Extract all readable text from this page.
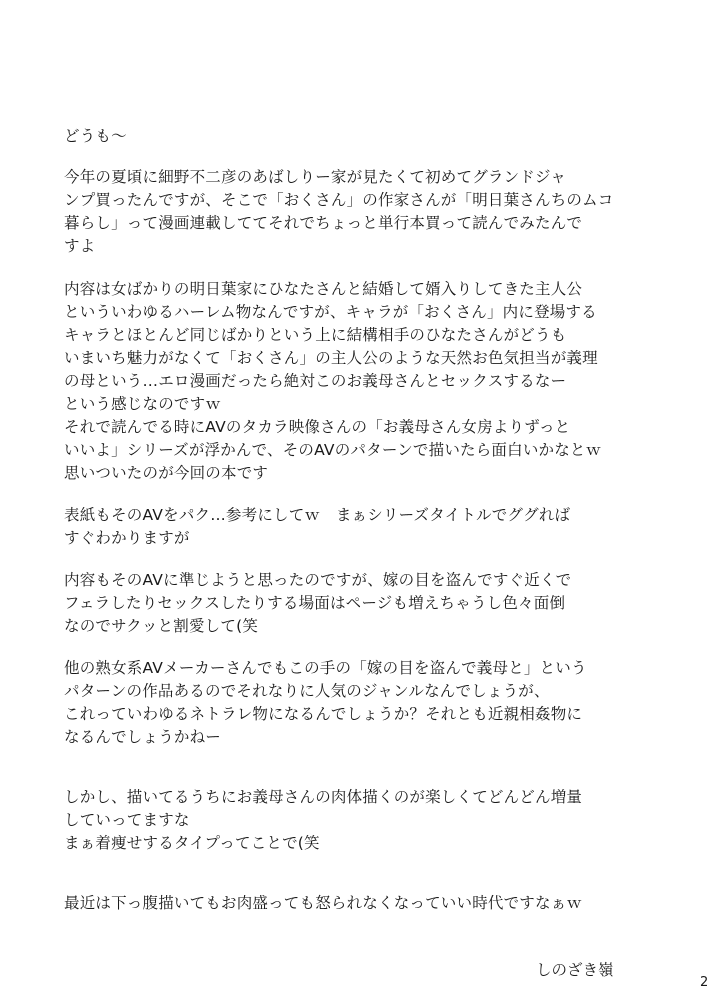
どうも〜
今年の夏頃に細野不二彦のあばしりー家が見たくて初めてグランドジャ
ンプ買ったんですが、そこで「おくさん」の作家さんが「明日葉さんちのムコ
暮らし」って漫画連載しててそれでちょっと単行本買って読んでみたんで
すよ
内容は女ばかりの明日葉家にひなたさんと結婚して婿入りしてきた主人公
といういわゆるハーレム物なんですが、キャラが「おくさん」内に登場する
キャラとほとんど同じばかりという上に結構相手のひなたさんがどうも
いまいち魅力がなくて「おくさん」の主人公のような天然お色気担当が義理
の母という…エロ漫画だったら絶対このお義母さんとセックスするなー
という感じなのですｗ
それで読んでる時にAVのタカラ映像さんの「お義母さん女房よりずっと
いいよ」シリーズが浮かんで、そのAVのパターンで描いたら面白いかなとｗ
思いついたのが今回の本です
表紙もそのAVをパク…参考にしてｗ　まぁシリーズタイトルでググれば
すぐわかりますが
内容もそのAVに準じようと思ったのですが、嫁の目を盗んですぐ近くで
フェラしたりセックスしたりする場面はページも増えちゃうし色々面倒
なのでサクッと割愛して(笑
他の熟女系AVメーカーさんでもこの手の「嫁の目を盗んで義母と」という
パターンの作品あるのでそれなりに人気のジャンルなんでしょうが、
これっていわゆるネトラレ物になるんでしょうか？それとも近親相姦物に
なるんでしょうかねー
しかし、描いてるうちにお義母さんの肉体描くのが楽しくてどんどん増量
していってますな
まぁ着痩せするタイプってことで(笑
最近は下っ腹描いてもお肉盛っても怒られなくなっていい時代ですなぁｗ
しのざき嶺
2
